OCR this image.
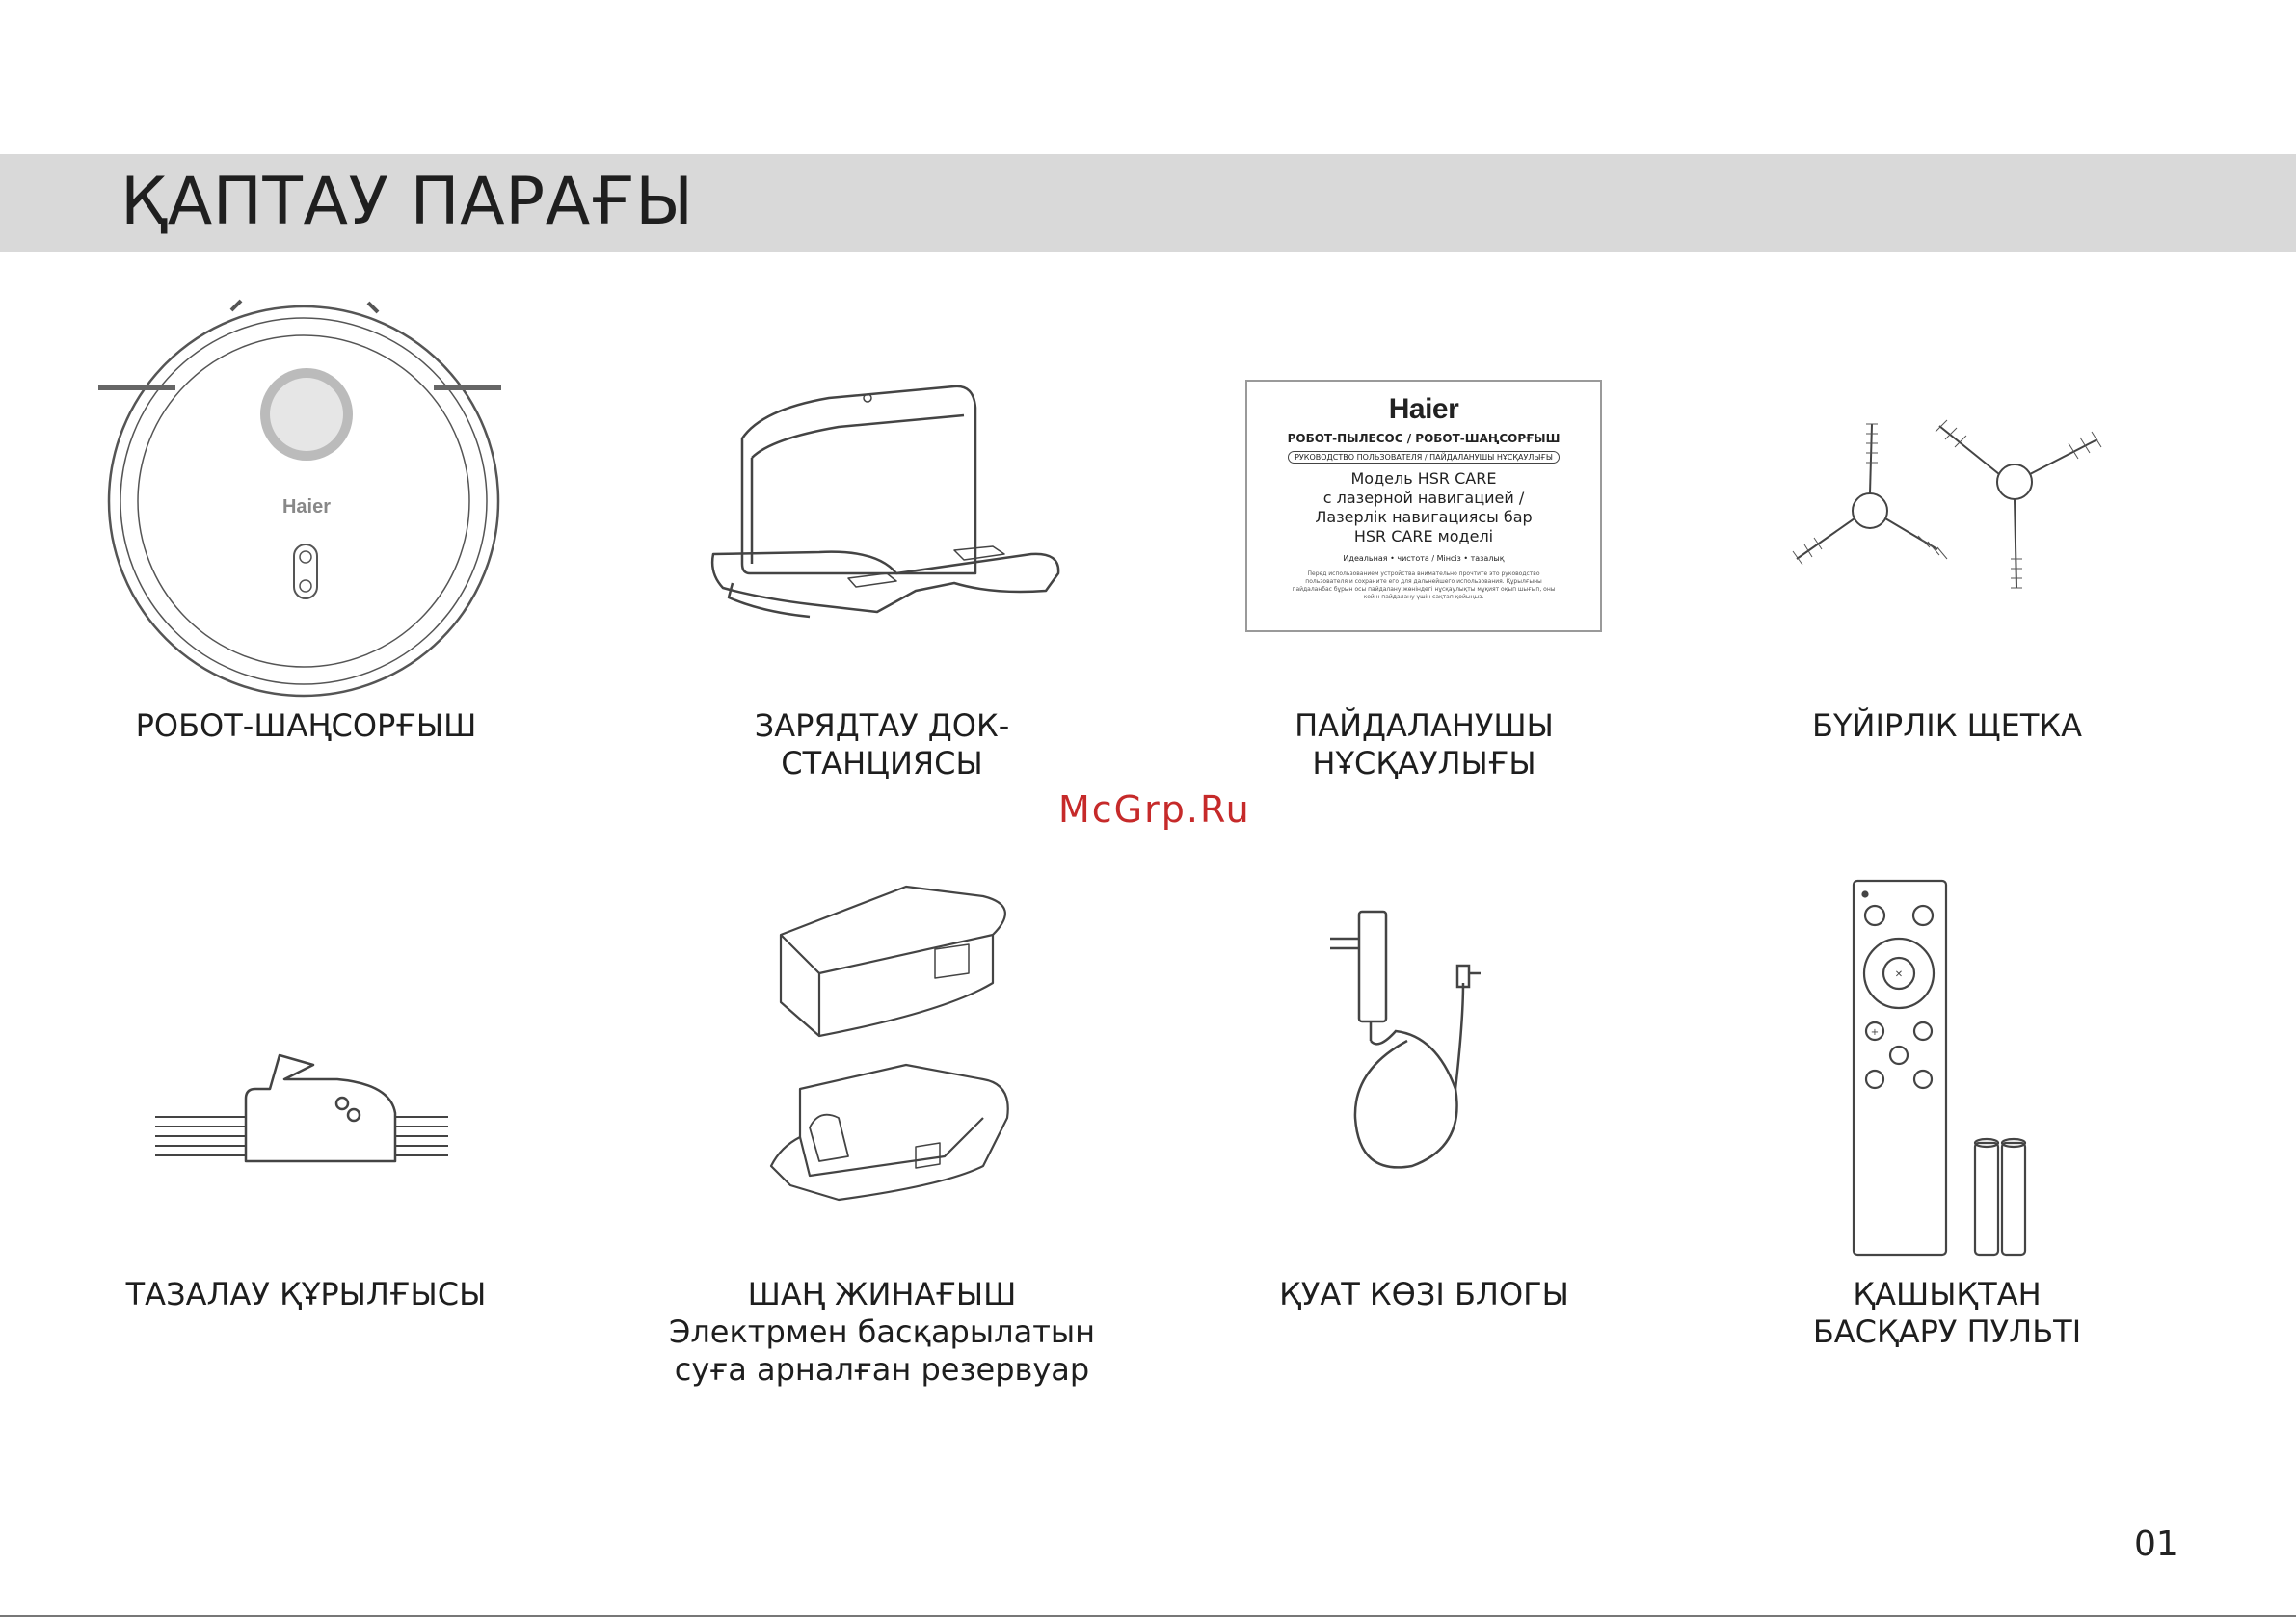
ҚАПТАУ ПАРАҒЫ
Haier
РОБОТ-ШАҢСОРҒЫШ	ЗАРЯДТАУ ДОК-СТАНЦИЯСЫ
Haier
РОБОТ-ПЫЛЕСОС / РОБОТ-ШАҢСОРҒЫШ
РУКОВОДСТВО ПОЛЬЗОВАТЕЛЯ / ПАЙДАЛАНУШЫ НҰСҚАУЛЫҒЫ
Модель HSR CARE
с лазерной навигацией /
Лазерлік навигациясы бар
HSR CARE моделі
Идеальная • чистота / Мінсіз • тазалық
Перед использованием устройства внимательно прочтите это руководство пользователя и сохраните его для дальнейшего использования. Құрылғыны пайдаланбас бұрын осы пайдалану жөніндегі нұсқаулықты мұқият оқып шығып, оны кейін пайдалану үшін сақтап қойыңыз.
ПАЙДАЛАНУШЫ
НҰСҚАУЛЫҒЫ
БҮЙІРЛІК ЩЕТКА
ТАЗАЛАУ ҚҰРЫЛҒЫСЫ	ШАҢ ЖИНАҒЫШ
Электрмен басқарылатын
суға арналған резервуар
ҚУАТ КӨЗІ БЛОГЫ
✕
+
ҚАШЫҚТАН
БАСҚАРУ ПУЛЬТІ
McGrp.Ru
01
